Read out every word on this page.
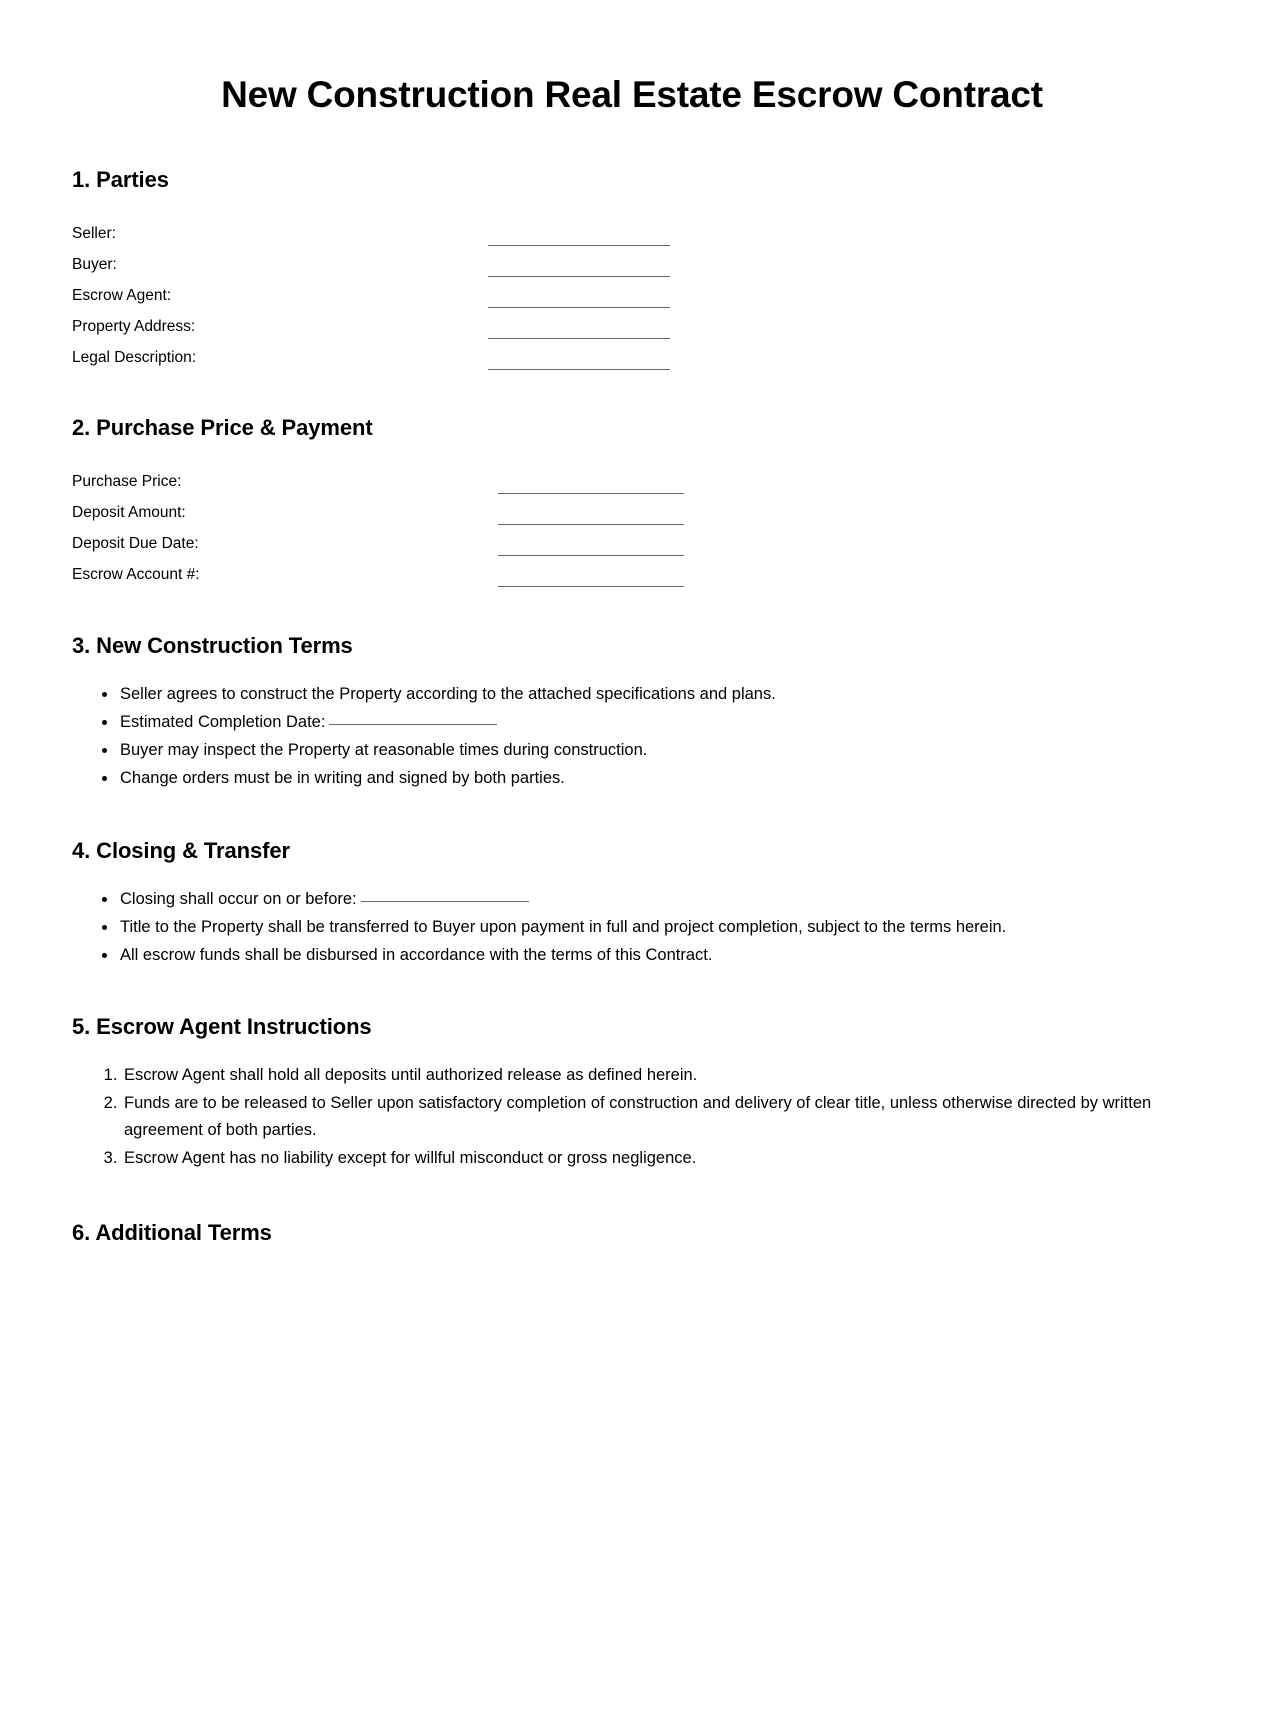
New Construction Real Estate Escrow Contract
1. Parties
Seller:
Buyer:
Escrow Agent:
Property Address:
Legal Description:
2. Purchase Price & Payment
Purchase Price:
Deposit Amount:
Deposit Due Date:
Escrow Account #:
3. New Construction Terms
• Seller agrees to construct the Property according to the attached specifications and plans.
• Estimated Completion Date:
• Buyer may inspect the Property at reasonable times during construction.
• Change orders must be in writing and signed by both parties.
4. Closing & Transfer
• Closing shall occur on or before:
• Title to the Property shall be transferred to Buyer upon payment in full and project completion, subject to the terms herein.
• All escrow funds shall be disbursed in accordance with the terms of this Contract.
5. Escrow Agent Instructions
1. Escrow Agent shall hold all deposits until authorized release as defined herein.
2. Funds are to be released to Seller upon satisfactory completion of construction and delivery of clear title, unless otherwise directed by written agreement of both parties.
3. Escrow Agent has no liability except for willful misconduct or gross negligence.
6. Additional Terms
